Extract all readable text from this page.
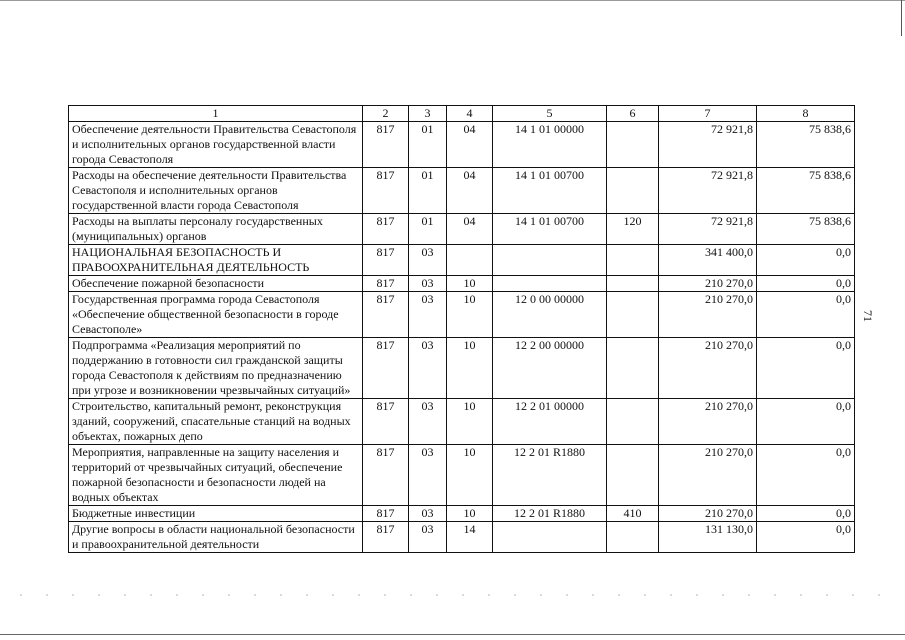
71
1	2	3	4	5	6	7	8
Обеспечение деятельности Правительства Севастополя и исполнительных органов государственной власти города Севастополя	817	01	04	14 1 01 00000		72 921,8	75 838,6
Расходы на обеспечение деятельности Правительства Севастополя и исполнительных органов государственной власти города Севастополя	817	01	04	14 1 01 00700		72 921,8	75 838,6
Расходы на выплаты персоналу государственных (муниципальных) органов	817	01	04	14 1 01 00700	120	72 921,8	75 838,6
НАЦИОНАЛЬНАЯ БЕЗОПАСНОСТЬ И ПРАВООХРАНИТЕЛЬНАЯ ДЕЯТЕЛЬНОСТЬ	817	03				341 400,0	0,0
Обеспечение пожарной безопасности	817	03	10			210 270,0	0,0
Государственная программа города Севастополя «Обеспечение общественной безопасности в городе Севастополе»	817	03	10	12 0 00 00000		210 270,0	0,0
Подпрограмма «Реализация мероприятий по поддержанию в готовности сил гражданской защиты города Севастополя к действиям по предназначению при угрозе и возникновении чрезвычайных ситуаций»	817	03	10	12 2 00 00000		210 270,0	0,0
Строительство, капитальный ремонт, реконструкция зданий, сооружений, спасательные станций на водных объектах, пожарных депо	817	03	10	12 2 01 00000		210 270,0	0,0
Мероприятия, направленные на защиту населения и территорий от чрезвычайных ситуаций, обеспечение пожарной безопасности и безопасности людей на водных объектах	817	03	10	12 2 01 R1880		210 270,0	0,0
Бюджетные инвестиции	817	03	10	12 2 01 R1880	410	210 270,0	0,0
Другие вопросы в области национальной безопасности и правоохранительной деятельности	817	03	14			131 130,0	0,0
